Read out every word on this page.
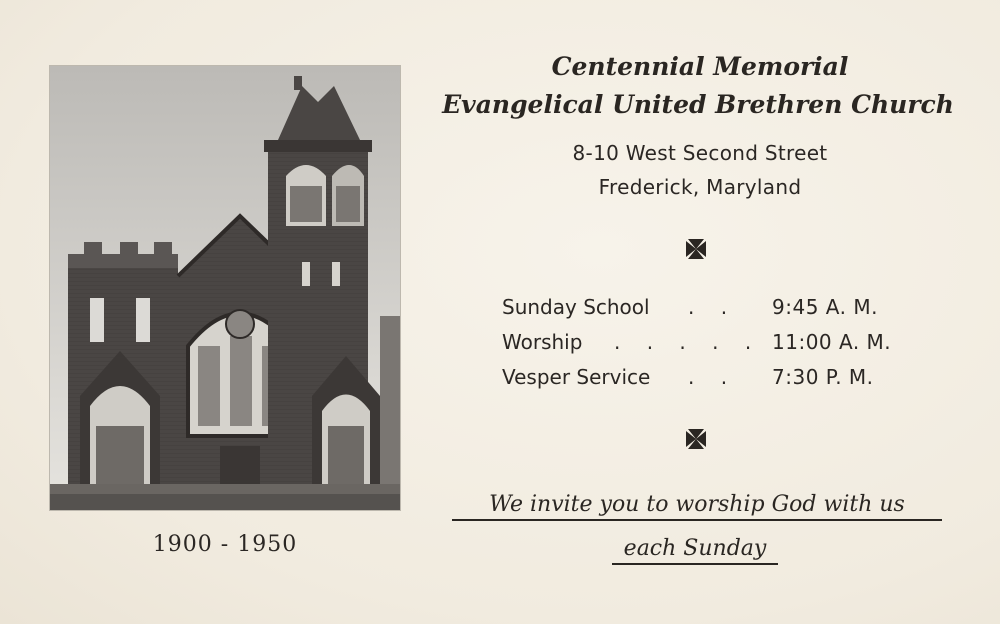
1900 - 1950
Centennial Memorial
Evangelical United Brethren Church
8-10 West Second Street
Frederick, Maryland
Sunday School . . 9:45 A. M.
Worship . . . . . 11:00 A. M.
Vesper Service . . 7:30 P. M.
We invite you to worship God with us
each Sunday
